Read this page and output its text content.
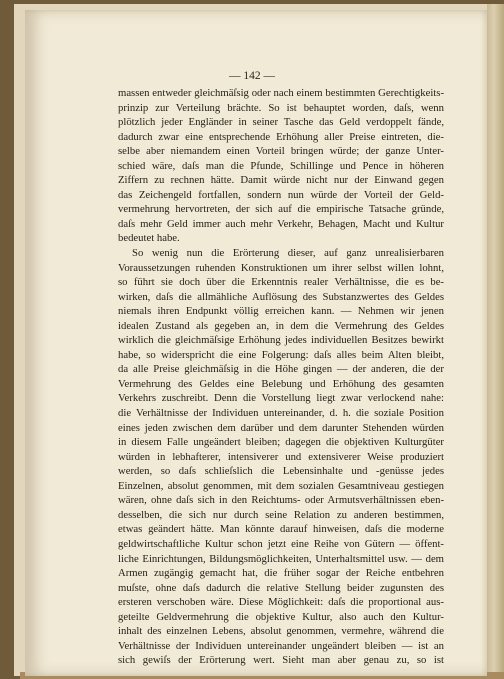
— 142 —
massen entweder gleichmäſsig oder nach einem bestimmten Gerechtigkeits-
prinzip zur Verteilung brächte. So ist behauptet worden, daſs, wenn
plötzlich jeder Engländer in seiner Tasche das Geld verdoppelt fände,
dadurch zwar eine entsprechende Erhöhung aller Preise eintreten, die-
selbe aber niemandem einen Vorteil bringen würde; der ganze Unter-
schied wäre, daſs man die Pfunde, Schillinge und Pence in höheren
Ziffern zu rechnen hätte. Damit würde nicht nur der Einwand gegen
das Zeichengeld fortfallen, sondern nun würde der Vorteil der Geld-
vermehrung hervortreten, der sich auf die empirische Tatsache gründe,
daſs mehr Geld immer auch mehr Verkehr, Behagen, Macht und Kultur
bedeutet habe.
So wenig nun die Erörterung dieser, auf ganz unrealisierbaren
Voraussetzungen ruhenden Konstruktionen um ihrer selbst willen lohnt,
so führt sie doch über die Erkenntnis realer Verhältnisse, die es be-
wirken, daſs die allmähliche Auflösung des Substanzwertes des Geldes
niemals ihren Endpunkt völlig erreichen kann. — Nehmen wir jenen
idealen Zustand als gegeben an, in dem die Vermehrung des Geldes
wirklich die gleichmäſsige Erhöhung jedes individuellen Besitzes bewirkt
habe, so widerspricht die eine Folgerung: daſs alles beim Alten bleibt,
da alle Preise gleichmäſsig in die Höhe gingen — der anderen, die der
Vermehrung des Geldes eine Belebung und Erhöhung des gesamten
Verkehrs zuschreibt. Denn die Vorstellung liegt zwar verlockend nahe:
die Verhältnisse der Individuen untereinander, d. h. die soziale Position
eines jeden zwischen dem darüber und dem darunter Stehenden würden
in diesem Falle ungeändert bleiben; dagegen die objektiven Kulturgüter
würden in lebhafterer, intensiverer und extensiverer Weise produziert
werden, so daſs schlieſslich die Lebensinhalte und -genüsse jedes
Einzelnen, absolut genommen, mit dem sozialen Gesamtniveau gestiegen
wären, ohne daſs sich in den Reichtums- oder Armutsverhältnissen eben-
desselben, die sich nur durch seine Relation zu anderen bestimmen,
etwas geändert hätte. Man könnte darauf hinweisen, daſs die moderne
geldwirtschaftliche Kultur schon jetzt eine Reihe von Gütern — öffent-
liche Einrichtungen, Bildungsmöglichkeiten, Unterhaltsmittel usw. — dem
Armen zugängig gemacht hat, die früher sogar der Reiche entbehren
muſste, ohne daſs dadurch die relative Stellung beider zugunsten des
ersteren verschoben wäre. Diese Möglichkeit: daſs die proportional aus-
geteilte Geldvermehrung die objektive Kultur, also auch den Kultur-
inhalt des einzelnen Lebens, absolut genommen, vermehre, während die
Verhältnisse der Individuen untereinander ungeändert bleiben — ist an
sich gewiſs der Erörterung wert. Sieht man aber genau zu, so ist
